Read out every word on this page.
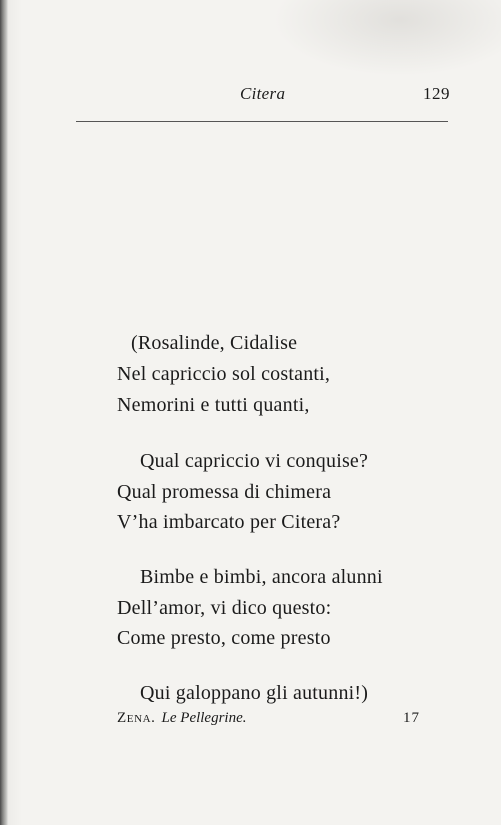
Citera	129
(Rosalinde, Cidalise
Nel capriccio sol costanti,
Nemorini e tutti quanti,
Qual capriccio vi conquise?
Qual promessa di chimera
V’ha imbarcato per Citera?
Bimbe e bimbi, ancora alunni
Dell’amor, vi dico questo:
Come presto, come presto
Qui galoppano gli autunni!)
Zena. Le Pellegrine.	17
